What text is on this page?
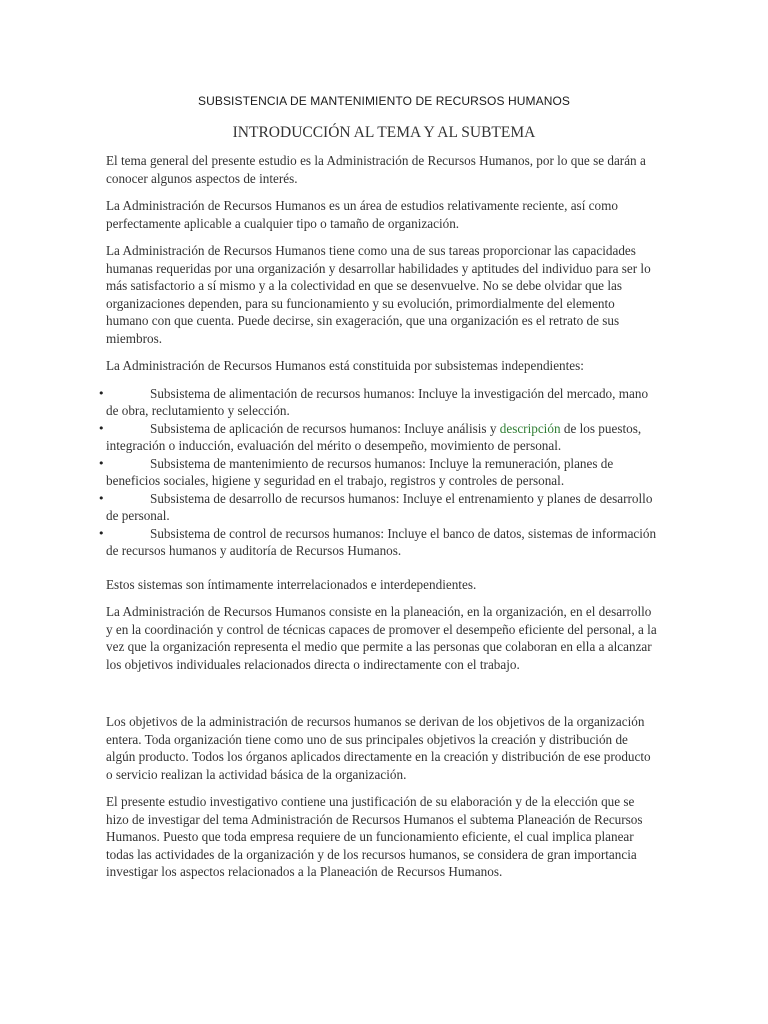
SUBSISTENCIA DE MANTENIMIENTO DE RECURSOS HUMANOS
INTRODUCCIÓN AL TEMA Y AL SUBTEMA

El tema general del presente estudio es la Administración de Recursos Humanos, por lo que se darán a conocer algunos aspectos de interés.

La Administración de Recursos Humanos es un área de estudios relativamente reciente, así como perfectamente aplicable a cualquier tipo o tamaño de organización.

La Administración de Recursos Humanos tiene como una de sus tareas proporcionar las capacidades humanas requeridas por una organización y desarrollar habilidades y aptitudes del individuo para ser lo más satisfactorio a sí mismo y a la colectividad en que se desenvuelve. No se debe olvidar que las organizaciones dependen, para su funcionamiento y su evolución, primordialmente del elemento humano con que cuenta. Puede decirse, sin exageración, que una organización es el retrato de sus miembros.

La Administración de Recursos Humanos está constituida por subsistemas independientes:

•	Subsistema de alimentación de recursos humanos: Incluye la investigación del mercado, mano de obra, reclutamiento y selección.
•	Subsistema de aplicación de recursos humanos: Incluye análisis y descripción de los puestos, integración o inducción, evaluación del mérito o desempeño, movimiento de personal.
•	Subsistema de mantenimiento de recursos humanos: Incluye la remuneración, planes de beneficios sociales, higiene y seguridad en el trabajo, registros y controles de personal.
•	Subsistema de desarrollo de recursos humanos: Incluye el entrenamiento y planes de desarrollo de personal.
•	Subsistema de control de recursos humanos: Incluye el banco de datos, sistemas de información de recursos humanos y auditoría de Recursos Humanos.

Estos sistemas son íntimamente interrelacionados e interdependientes.

La Administración de Recursos Humanos consiste en la planeación, en la organización, en el desarrollo y en la coordinación y control de técnicas capaces de promover el desempeño eficiente del personal, a la vez que la organización representa el medio que permite a las personas que colaboran en ella a alcanzar los objetivos individuales relacionados directa o indirectamente con el trabajo.

Los objetivos de la administración de recursos humanos se derivan de los objetivos de la organización entera. Toda organización tiene como uno de sus principales objetivos la creación y distribución de algún producto. Todos los órganos aplicados directamente en la creación y distribución de ese producto o servicio realizan la actividad básica de la organización.

El presente estudio investigativo contiene una justificación de su elaboración y de la elección que se hizo de investigar del tema Administración de Recursos Humanos el subtema Planeación de Recursos Humanos. Puesto que toda empresa requiere de un funcionamiento eficiente, el cual implica planear todas las actividades de la organización y de los recursos humanos, se considera de gran importancia investigar los aspectos relacionados a la Planeación de Recursos Humanos.
